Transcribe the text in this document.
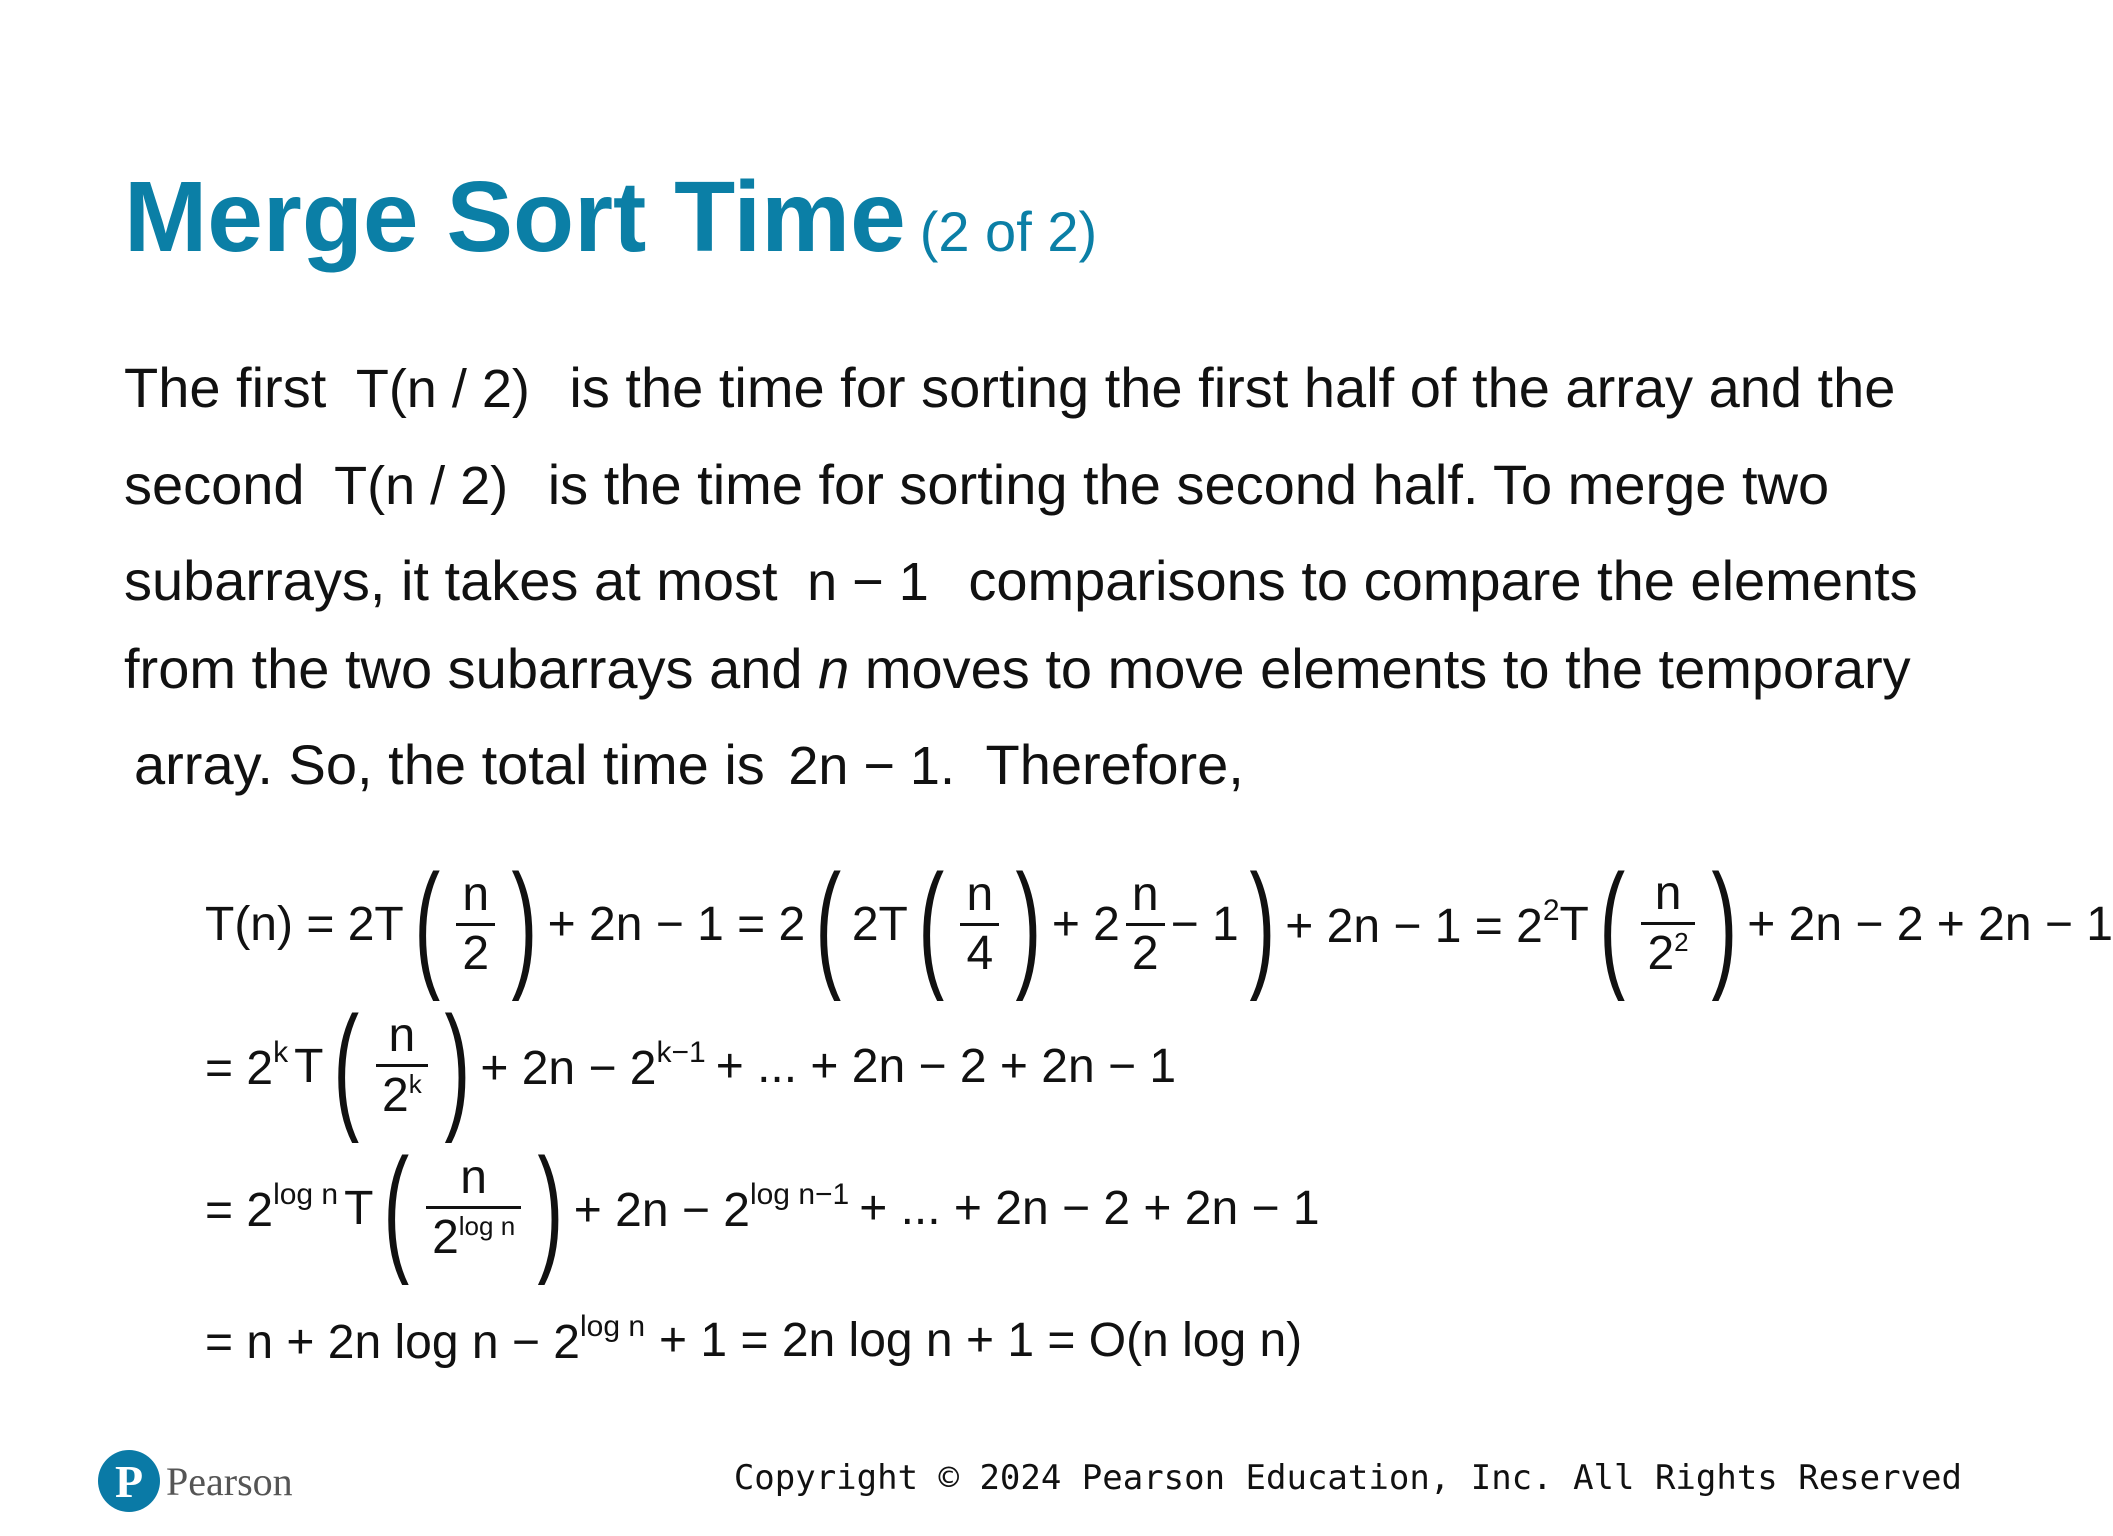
Merge Sort Time (2 of 2)
The first T(n / 2) is the time for sorting the first half of the array and the
second T(n / 2) is the time for sorting the second half. To merge two
subarrays, it takes at most n − 1 comparisons to compare the elements
from the two subarrays and n moves to move elements to the temporary
array. So, the total time is 2n − 1. Therefore,
T(n) = 2T ( $\frac{n}{2}$ ) + 2n − 1 = 2 ( 2T ( $\frac{n}{4}$ ) + $2 \frac{n}{2} - 1$ ) + $2n - 1 = 2^2$ T ( $\frac{n}{2^2}$ ) + 2n − 2 + 2n − 1
= $2^k$ T ( $\frac{n}{2^k}$ ) + $2n - 2^{k-1}$ + ... + 2n − 2 + 2n − 1
= $2^{log n}$ T ( $\frac{n}{2^{log n}}$ ) + $2n - 2^{log n-1}$ + ... + 2n − 2 + 2n − 1
= n + 2n $\log n - 2^{log n} + 1 = 2n$ log n + 1 = O(n log n)
P Pearson	Copyright © 2024 Pearson Education, Inc. All Rights Reserved
